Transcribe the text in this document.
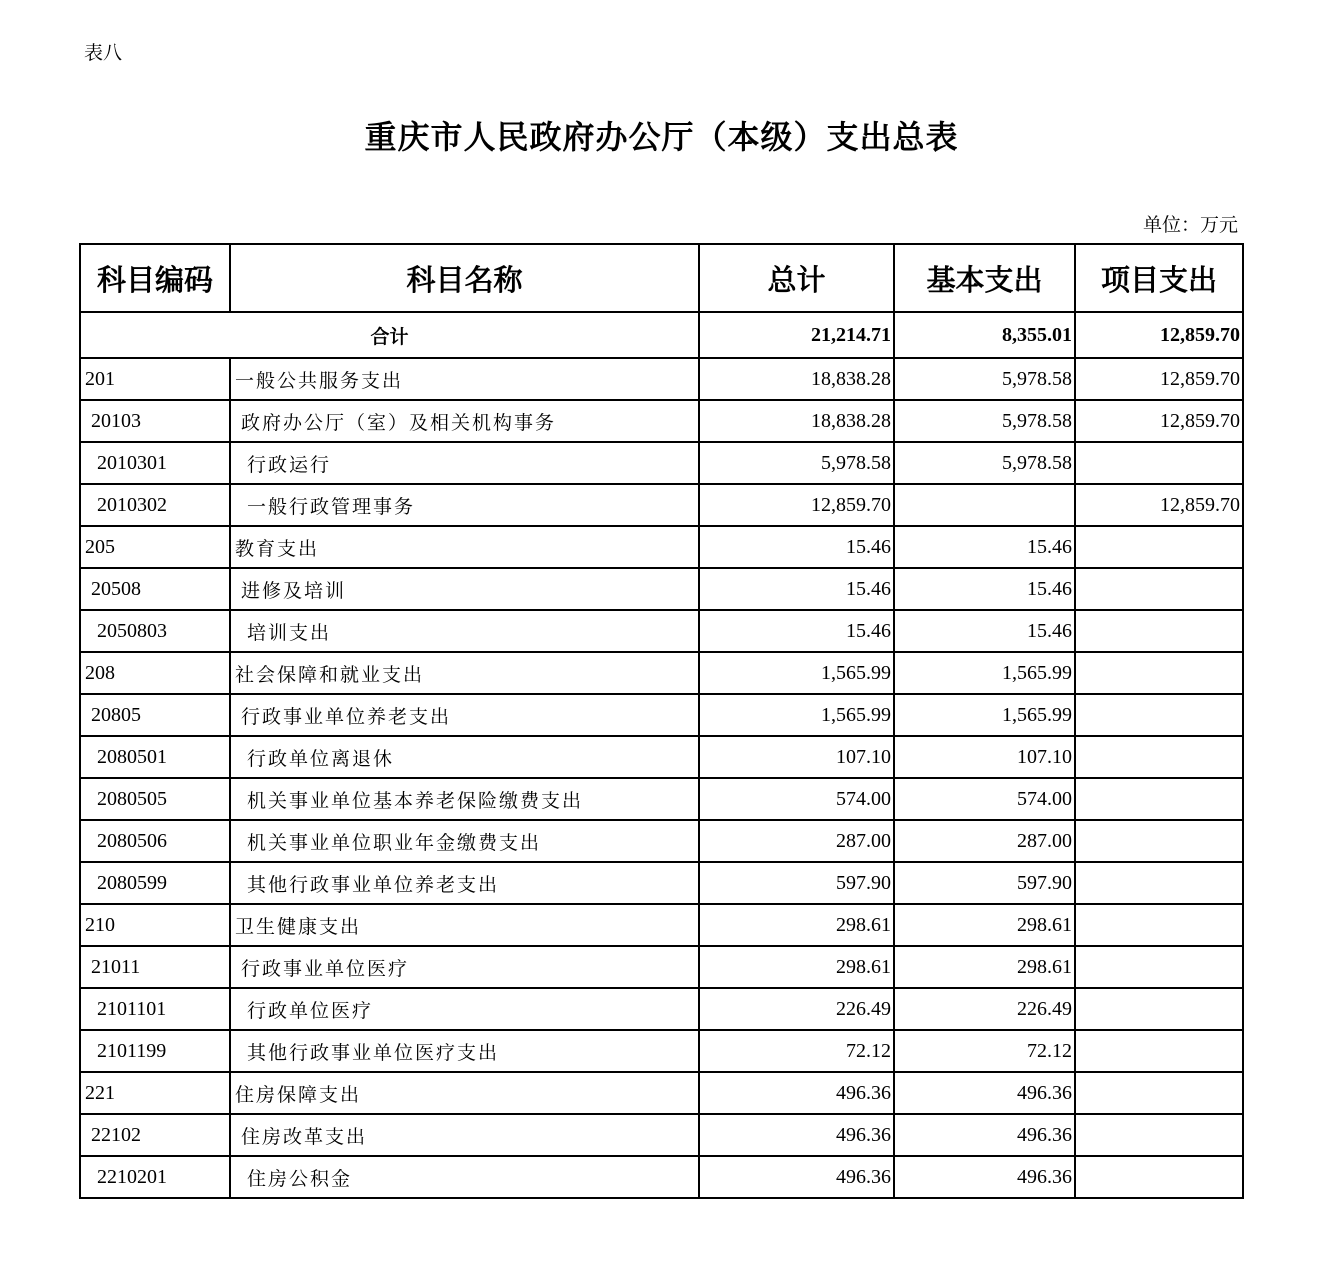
表八
重庆市人民政府办公厅（本级）支出总表
单位：万元
科目编码	科目名称	总计	基本支出	项目支出
合计		21,214.71	8,355.01	12,859.70
201	一般公共服务支出	18,838.28	5,978.58	12,859.70
20103	政府办公厅（室）及相关机构事务	18,838.28	5,978.58	12,859.70
2010301	行政运行	5,978.58	5,978.58	
2010302	一般行政管理事务	12,859.70		12,859.70
205	教育支出	15.46	15.46	
20508	进修及培训	15.46	15.46	
2050803	培训支出	15.46	15.46	
208	社会保障和就业支出	1,565.99	1,565.99	
20805	行政事业单位养老支出	1,565.99	1,565.99	
2080501	行政单位离退休	107.10	107.10	
2080505	机关事业单位基本养老保险缴费支出	574.00	574.00	
2080506	机关事业单位职业年金缴费支出	287.00	287.00	
2080599	其他行政事业单位养老支出	597.90	597.90	
210	卫生健康支出	298.61	298.61	
21011	行政事业单位医疗	298.61	298.61	
2101101	行政单位医疗	226.49	226.49	
2101199	其他行政事业单位医疗支出	72.12	72.12	
221	住房保障支出	496.36	496.36	
22102	住房改革支出	496.36	496.36	
2210201	住房公积金	496.36	496.36	
